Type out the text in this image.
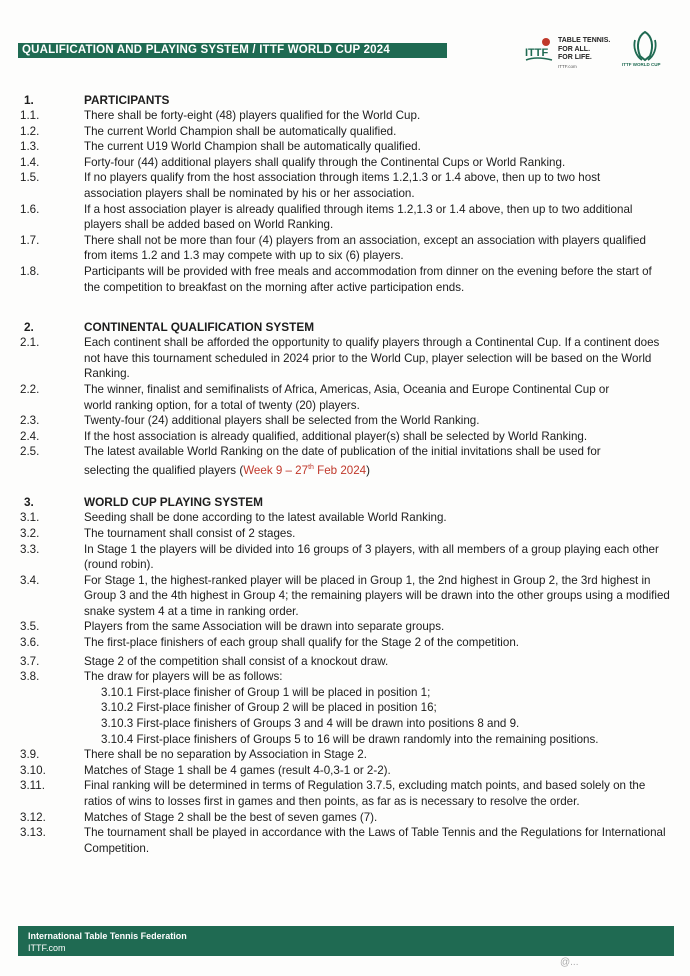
QUALIFICATION AND PLAYING SYSTEM / ITTF WORLD CUP 2024	ITTF
TABLE TENNIS.
FOR ALL.
FOR LIFE.
ITTF.com	ITTF WORLD CUP
1.	PARTICIPANTS
1.1.	There shall be forty-eight (48) players qualified for the World Cup.
1.2.	The current World Champion shall be automatically qualified.
1.3.	The current U19 World Champion shall be automatically qualified.
1.4.	Forty-four (44) additional players shall qualify through the Continental Cups or World Ranking.
1.5.	If no players qualify from the host association through items 1.2,1.3 or 1.4 above, then up to two host association players shall be nominated by his or her association.
1.6.	If a host association player is already qualified through items 1.2,1.3 or 1.4 above, then up to two additional players shall be added based on World Ranking.
1.7.	There shall not be more than four (4) players from an association, except an association with players qualified from items 1.2 and 1.3 may compete with up to six (6) players.
1.8.	Participants will be provided with free meals and accommodation from dinner on the evening before the start of the competition to breakfast on the morning after active participation ends.
2.	CONTINENTAL QUALIFICATION SYSTEM
2.1.	Each continent shall be afforded the opportunity to qualify players through a Continental Cup. If a continent does not have this tournament scheduled in 2024 prior to the World Cup, player selection will be based on the World Ranking.
2.2.	The winner, finalist and semifinalists of Africa, Americas, Asia, Oceania and Europe Continental Cup or world ranking option, for a total of twenty (20) players.
2.3.	Twenty-four (24) additional players shall be selected from the World Ranking.
2.4.	If the host association is already qualified, additional player(s) shall be selected by World Ranking.
2.5.	The latest available World Ranking on the date of publication of the initial invitations shall be used for selecting the qualified players (Week 9 – 27th Feb 2024)
3.	WORLD CUP PLAYING SYSTEM
3.1.	Seeding shall be done according to the latest available World Ranking.
3.2.	The tournament shall consist of 2 stages.
3.3.	In Stage 1 the players will be divided into 16 groups of 3 players, with all members of a group playing each other (round robin).
3.4.	For Stage 1, the highest-ranked player will be placed in Group 1, the 2nd highest in Group 2, the 3rd highest in Group 3 and the 4th highest in Group 4; the remaining players will be drawn into the other groups using a modified snake system 4 at a time in ranking order.
3.5.	Players from the same Association will be drawn into separate groups.
3.6.	The first-place finishers of each group shall qualify for the Stage 2 of the competition.
3.7.	Stage 2 of the competition shall consist of a knockout draw.
3.8.	The draw for players will be as follows:
3.10.1 First-place finisher of Group 1 will be placed in position 1;
3.10.2 First-place finisher of Group 2 will be placed in position 16;
3.10.3 First-place finishers of Groups 3 and 4 will be drawn into positions 8 and 9.
3.10.4 First-place finishers of Groups 5 to 16 will be drawn randomly into the remaining positions.
3.9.	There shall be no separation by Association in Stage 2.
3.10.	Matches of Stage 1 shall be 4 games (result 4-0,3-1 or 2-2).
3.11.	Final ranking will be determined in terms of Regulation 3.7.5, excluding match points, and based solely on the ratios of wins to losses first in games and then points, as far as is necessary to resolve the order.
3.12.	Matches of Stage 2 shall be the best of seven games (7).
3.13.	The tournament shall be played in accordance with the Laws of Table Tennis and the Regulations for International Competition.
International Table Tennis Federation
ITTF.com
@...
